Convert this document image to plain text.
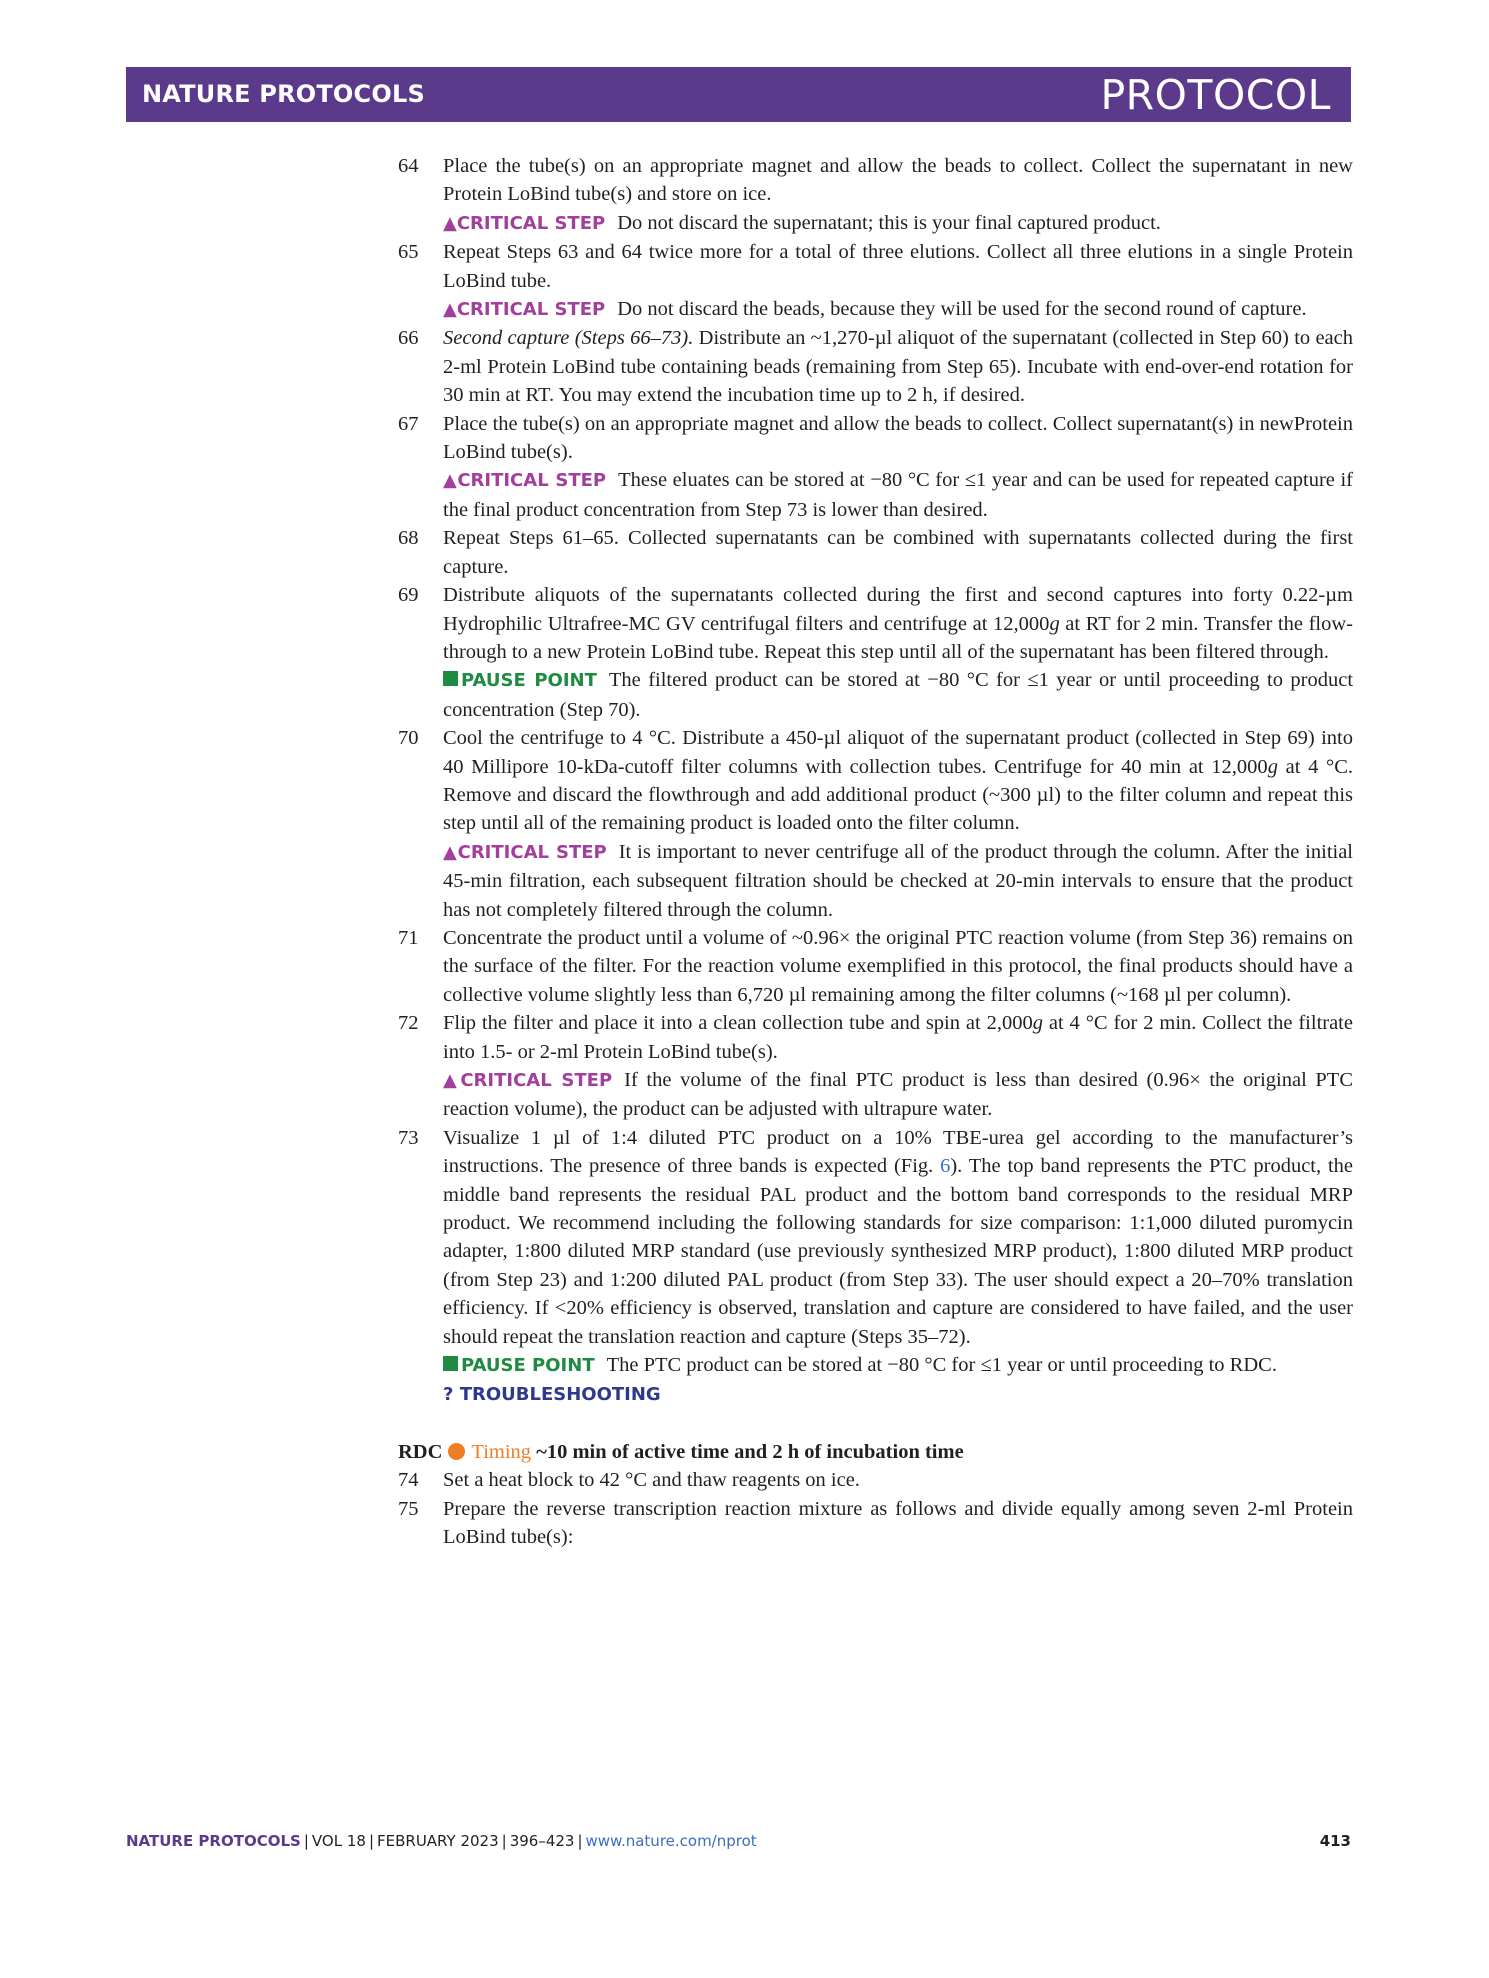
NATURE PROTOCOLS	PROTOCOL
64 Place the tube(s) on an appropriate magnet and allow the beads to collect. Collect the supernatant in new Protein LoBind tube(s) and store on ice.

▲CRITICAL STEP Do not discard the supernatant; this is your final captured product.

65 Repeat Steps 63 and 64 twice more for a total of three elutions. Collect all three elutions in a single Protein LoBind tube.

▲CRITICAL STEP Do not discard the beads, because they will be used for the second round of capture.

66 Second capture (Steps 66–73). Distribute an ~1,270-µl aliquot of the supernatant (collected in Step 60) to each 2-ml Protein LoBind tube containing beads (remaining from Step 65). Incubate with end-over-end rotation for 30 min at RT. You may extend the incubation time up to 2 h, if desired.

67 Place the tube(s) on an appropriate magnet and allow the beads to collect. Collect supernatant(s) in newProtein LoBind tube(s).

▲CRITICAL STEP These eluates can be stored at −80 °C for ≤1 year and can be used for repeated capture if the final product concentration from Step 73 is lower than desired.

68 Repeat Steps 61–65. Collected supernatants can be combined with supernatants collected during the first capture.

69 Distribute aliquots of the supernatants collected during the first and second captures into forty 0.22-µm Hydrophilic Ultrafree-MC GV centrifugal filters and centrifuge at 12,000g at RT for 2 min. Transfer the flow-through to a new Protein LoBind tube. Repeat this step until all of the supernatant has been filtered through.

PAUSE POINT The filtered product can be stored at −80 °C for ≤1 year or until proceeding to product concentration (Step 70).

70 Cool the centrifuge to 4 °C. Distribute a 450-µl aliquot of the supernatant product (collected in Step 69) into 40 Millipore 10-kDa-cutoff filter columns with collection tubes. Centrifuge for 40 min at 12,000g at 4 °C. Remove and discard the flowthrough and add additional product (~300 µl) to the filter column and repeat this step until all of the remaining product is loaded onto the filter column.

▲CRITICAL STEP It is important to never centrifuge all of the product through the column. After the initial 45-min filtration, each subsequent filtration should be checked at 20-min intervals to ensure that the product has not completely filtered through the column.

71 Concentrate the product until a volume of ~0.96× the original PTC reaction volume (from Step 36) remains on the surface of the filter. For the reaction volume exemplified in this protocol, the final products should have a collective volume slightly less than 6,720 µl remaining among the filter columns (~168 µl per column).

72 Flip the filter and place it into a clean collection tube and spin at 2,000g at 4 °C for 2 min. Collect the filtrate into 1.5- or 2-ml Protein LoBind tube(s).

▲CRITICAL STEP If the volume of the final PTC product is less than desired (0.96× the original PTC reaction volume), the product can be adjusted with ultrapure water.

73 Visualize 1 µl of 1:4 diluted PTC product on a 10% TBE-urea gel according to the manufacturer’s instructions. The presence of three bands is expected (Fig. 6). The top band represents the PTC product, the middle band represents the residual PAL product and the bottom band corresponds to the residual MRP product. We recommend including the following standards for size comparison: 1:1,000 diluted puromycin adapter, 1:800 diluted MRP standard (use previously synthesized MRP product), 1:800 diluted MRP product (from Step 23) and 1:200 diluted PAL product (from Step 33). The user should expect a 20–70% translation efficiency. If <20% efficiency is observed, translation and capture are considered to have failed, and the user should repeat the translation reaction and capture (Steps 35–72).

PAUSE POINT The PTC product can be stored at −80 °C for ≤1 year or until proceeding to RDC.

? TROUBLESHOOTING

RDC Timing ~10 min of active time and 2 h of incubation time
74 Set a heat block to 42 °C and thaw reagents on ice.

75 Prepare the reverse transcription reaction mixture as follows and divide equally among seven 2-ml Protein LoBind tube(s):

NATURE PROTOCOLS | VOL 18 | FEBRUARY 2023 | 396–423 | www.nature.com/nprot	413
